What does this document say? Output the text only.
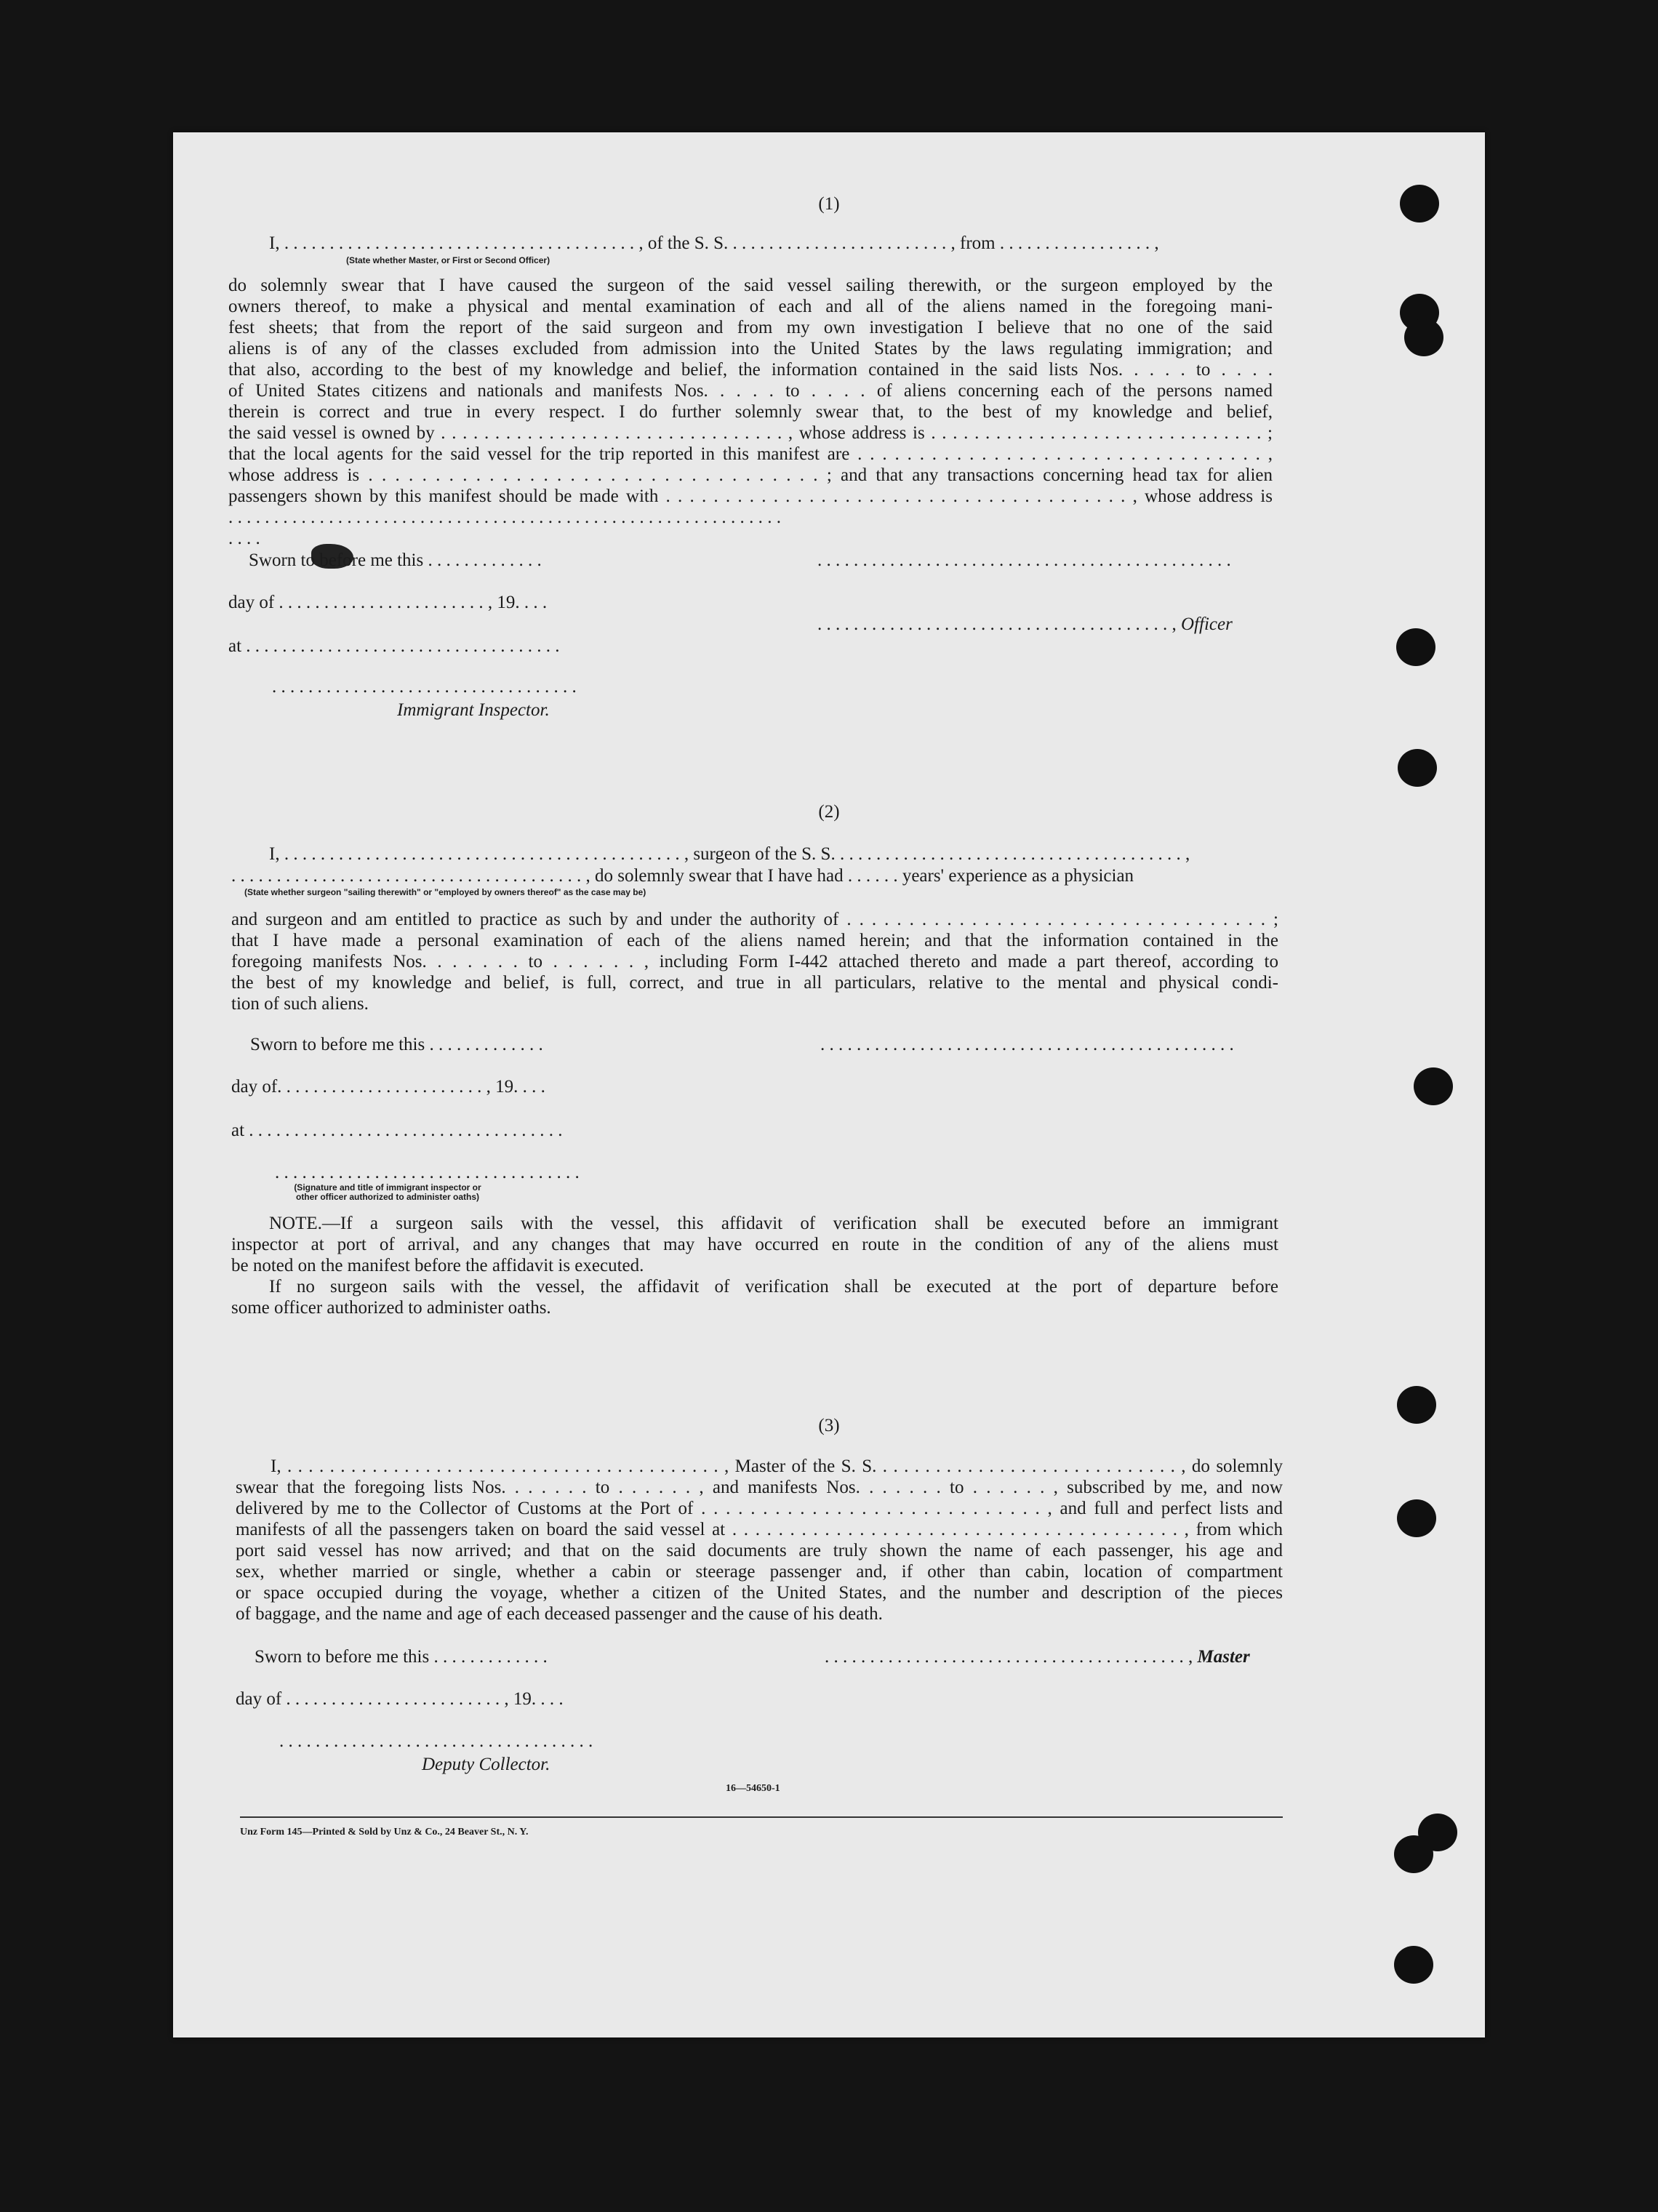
(1)
I, . . . . . . . . . . . . . . . . . . . . . . . . . . . . . . . . . . . . . . . , of the S. S. . . . . . . . . . . . . . . . . . . . . . . . . , from . . . . . . . . . . . . . . . . . ,
(State whether Master, or First or Second Officer)
do solemnly swear that I have caused the surgeon of the said vessel sailing therewith, or the surgeon employed by the
owners thereof, to make a physical and mental examination of each and all of the aliens named in the foregoing mani-
fest sheets; that from the report of the said surgeon and from my own investigation I believe that no one of the said
aliens is of any of the classes excluded from admission into the United States by the laws regulating immigration; and
that also, according to the best of my knowledge and belief, the information contained in the said lists Nos. . . . . to . . . .
of United States citizens and nationals and manifests Nos. . . . . to . . . . of aliens concerning each of the persons named
therein is correct and true in every respect. I do further solemnly swear that, to the best of my knowledge and belief,
the said vessel is owned by . . . . . . . . . . . . . . . . . . . . . . . . . . . . . . . . , whose address is . . . . . . . . . . . . . . . . . . . . . . . . . . . . . . . ;
that the local agents for the said vessel for the trip reported in this manifest are . . . . . . . . . . . . . . . . . . . . . . . . . . . . . . . . . ,
whose address is . . . . . . . . . . . . . . . . . . . . . . . . . . . . . . . . . . ; and that any transactions concerning head tax for alien
passengers shown by this manifest should be made with . . . . . . . . . . . . . . . . . . . . . . . . . . . . . . . . . . . . . . . , whose address is
. . . . . . . . . . . . . . . . . . . . . . . . . . . . . . . . . . . . . . . . . . . . . . . . . . . . . . . . . . . . . . . . .
Sworn to before me this . . . . . . . . . . . . .	. . . . . . . . . . . . . . . . . . . . . . . . . . . . . . . . . . . . . . . . . . . . . .
day of . . . . . . . . . . . . . . . . . . . . . . . , 19. . . .
. . . . . . . . . . . . . . . . . . . . . . . . . . . . . . . . . . . . . . . , Officer
at . . . . . . . . . . . . . . . . . . . . . . . . . . . . . . . . . . .
. . . . . . . . . . . . . . . . . . . . . . . . . . . . . . . . . .
Immigrant Inspector.
(2)
I, . . . . . . . . . . . . . . . . . . . . . . . . . . . . . . . . . . . . . . . . . . . . , surgeon of the S. S. . . . . . . . . . . . . . . . . . . . . . . . . . . . . . . . . . . . . . . ,
. . . . . . . . . . . . . . . . . . . . . . . . . . . . . . . . . . . . . . . , do solemnly swear that I have had . . . . . . years' experience as a physician
(State whether surgeon "sailing therewith" or "employed by owners thereof" as the case may be)
and surgeon and am entitled to practice as such by and under the authority of . . . . . . . . . . . . . . . . . . . . . . . . . . . . . . . . . . ;
that I have made a personal examination of each of the aliens named herein; and that the information contained in the
foregoing manifests Nos. . . . . . . to . . . . . . , including Form I-442 attached thereto and made a part thereof, according to
the best of my knowledge and belief, is full, correct, and true in all particulars, relative to the mental and physical condi-
tion of such aliens.
Sworn to before me this . . . . . . . . . . . . .	. . . . . . . . . . . . . . . . . . . . . . . . . . . . . . . . . . . . . . . . . . . . . .
day of. . . . . . . . . . . . . . . . . . . . . . . , 19. . . .
at . . . . . . . . . . . . . . . . . . . . . . . . . . . . . . . . . . .
. . . . . . . . . . . . . . . . . . . . . . . . . . . . . . . . . .
(Signature and title of immigrant inspector or
other officer authorized to administer oaths)
NOTE.—If a surgeon sails with the vessel, this affidavit of verification shall be executed before an immigrant
inspector at port of arrival, and any changes that may have occurred en route in the condition of any of the aliens must
be noted on the manifest before the affidavit is executed.
If no surgeon sails with the vessel, the affidavit of verification shall be executed at the port of departure before
some officer authorized to administer oaths.
(3)
I, . . . . . . . . . . . . . . . . . . . . . . . . . . . . . . . . . . . . . . . . . , Master of the S. S. . . . . . . . . . . . . . . . . . . . . . . . . . . . . , do solemnly
swear that the foregoing lists Nos. . . . . . . to . . . . . . , and manifests Nos. . . . . . . to . . . . . . , subscribed by me, and now
delivered by me to the Collector of Customs at the Port of . . . . . . . . . . . . . . . . . . . . . . . . . . . . , and full and perfect lists and
manifests of all the passengers taken on board the said vessel at . . . . . . . . . . . . . . . . . . . . . . . . . . . . . . . . . . . . . . . , from which
port said vessel has now arrived; and that on the said documents are truly shown the name of each passenger, his age and
sex, whether married or single, whether a cabin or steerage passenger and, if other than cabin, location of compartment
or space occupied during the voyage, whether a citizen of the United States, and the number and description of the pieces
of baggage, and the name and age of each deceased passenger and the cause of his death.
Sworn to before me this . . . . . . . . . . . . .	. . . . . . . . . . . . . . . . . . . . . . . . . . . . . . . . . . . . . . . . , Master
day of . . . . . . . . . . . . . . . . . . . . . . . . , 19. . . .
. . . . . . . . . . . . . . . . . . . . . . . . . . . . . . . . . . .
Deputy Collector.
16—54650-1
Unz Form 145—Printed & Sold by Unz & Co., 24 Beaver St., N. Y.
